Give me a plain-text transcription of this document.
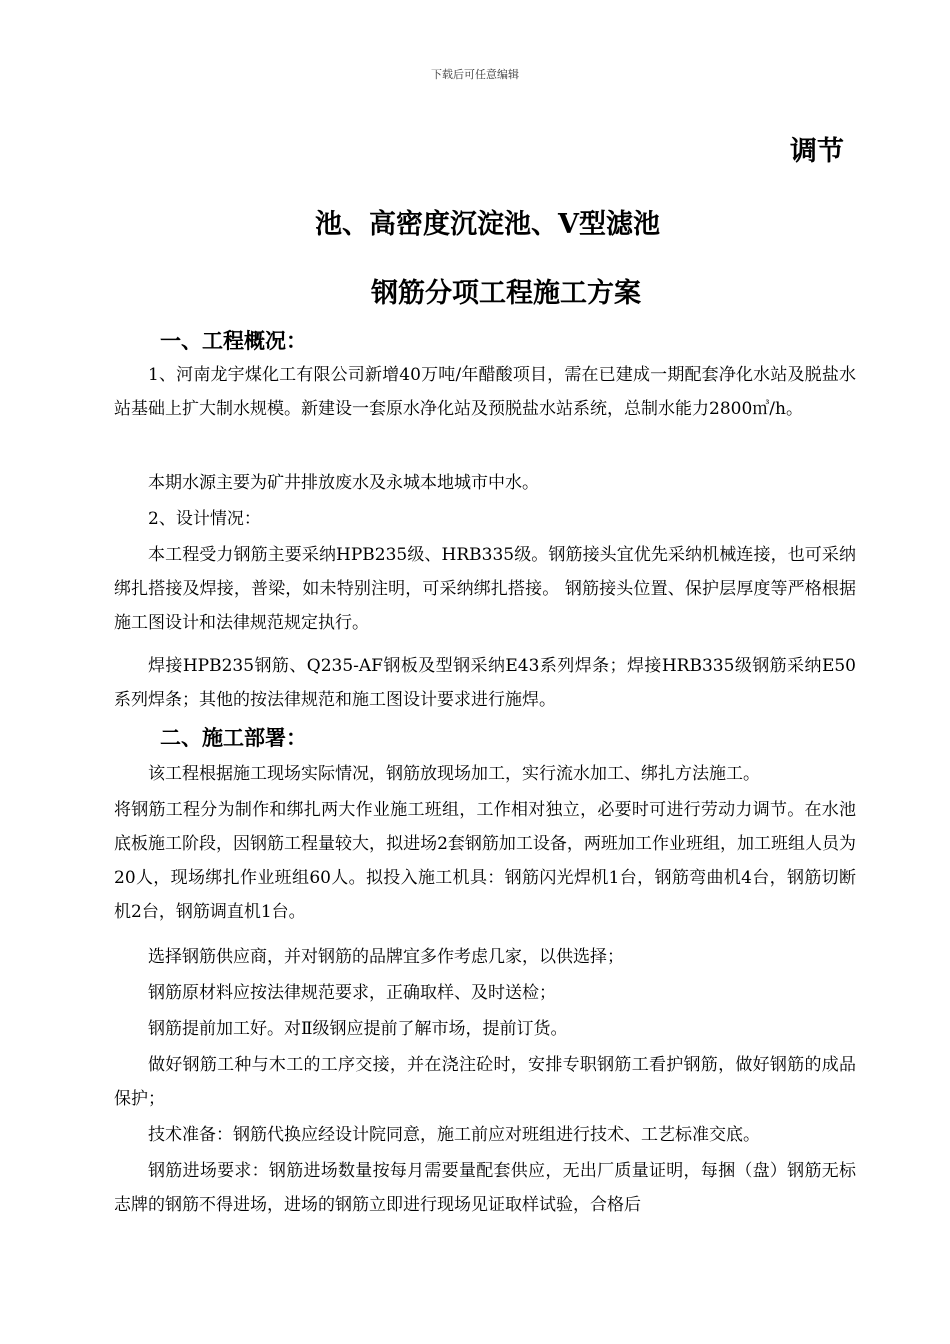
下载后可任意编辑
调节
池、高密度沉淀池、V型滤池
钢筋分项工程施工方案
一、工程概况：

1、河南龙宇煤化工有限公司新增40万吨/年醋酸项目，需在已建成一期配套净化水站及脱盐水站基础上扩大制水规模。新建设一套原水净化站及预脱盐水站系统，总制水能力2800㎥/h。

本期水源主要为矿井排放废水及永城本地城市中水。

2、设计情况：

本工程受力钢筋主要采纳HPB235级、HRB335级。钢筋接头宜优先采纳机械连接，也可采纳绑扎搭接及焊接，普梁，如未特别注明，可采纳绑扎搭接。 钢筋接头位置、保护层厚度等严格根据施工图设计和法律规范规定执行。

焊接HPB235钢筋、Q235-AF钢板及型钢采纳E43系列焊条；焊接HRB335级钢筋采纳E50系列焊条；其他的按法律规范和施工图设计要求进行施焊。

二、施工部署：

该工程根据施工现场实际情况，钢筋放现场加工，实行流水加工、绑扎方法施工。

将钢筋工程分为制作和绑扎两大作业施工班组，工作相对独立，必要时可进行劳动力调节。在水池底板施工阶段，因钢筋工程量较大，拟进场2套钢筋加工设备，两班加工作业班组，加工班组人员为20人，现场绑扎作业班组60人。拟投入施工机具：钢筋闪光焊机1台，钢筋弯曲机4台，钢筋切断机2台，钢筋调直机1台。

选择钢筋供应商，并对钢筋的品牌宜多作考虑几家，以供选择；

钢筋原材料应按法律规范要求，正确取样、及时送检；

钢筋提前加工好。对Ⅱ级钢应提前了解市场，提前订货。

做好钢筋工种与木工的工序交接，并在浇注砼时，安排专职钢筋工看护钢筋，做好钢筋的成品保护；

技术准备：钢筋代换应经设计院同意，施工前应对班组进行技术、工艺标准交底。

钢筋进场要求：钢筋进场数量按每月需要量配套供应，无出厂质量证明，每捆（盘）钢筋无标志牌的钢筋不得进场，进场的钢筋立即进行现场见证取样试验，合格后
